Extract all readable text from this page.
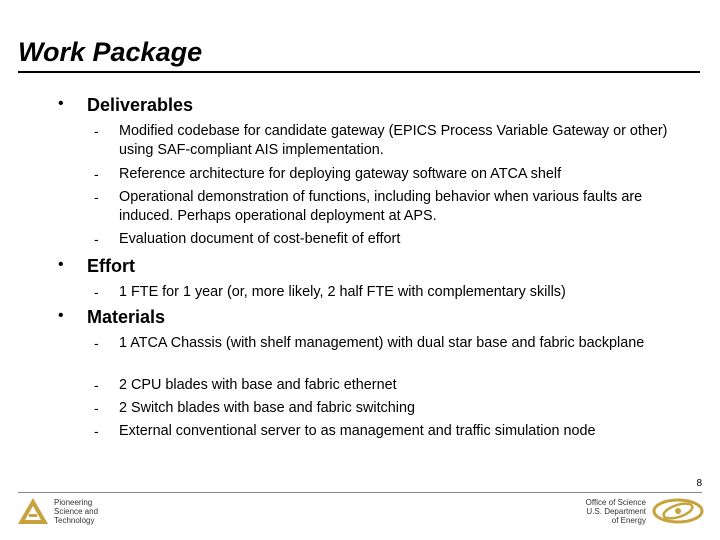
Work Package
• Deliverables
- Modified codebase for candidate gateway (EPICS Process Variable Gateway or other) using SAF-compliant AIS implementation.
- Reference architecture for deploying gateway software on ATCA shelf
- Operational demonstration of functions, including behavior when various faults are induced. Perhaps operational deployment at APS.
- Evaluation document of cost-benefit of effort
• Effort
- 1 FTE for 1 year (or, more likely, 2 half FTE with complementary skills)
• Materials
- 1 ATCA Chassis (with shelf management) with dual star base and fabric backplane
- 2 CPU blades with base and fabric ethernet
- 2 Switch blades with base and fabric switching
- External conventional server to as management and traffic simulation node
8
Pioneering
Science and
Technology
Office of Science
U.S. Department
of Energy
